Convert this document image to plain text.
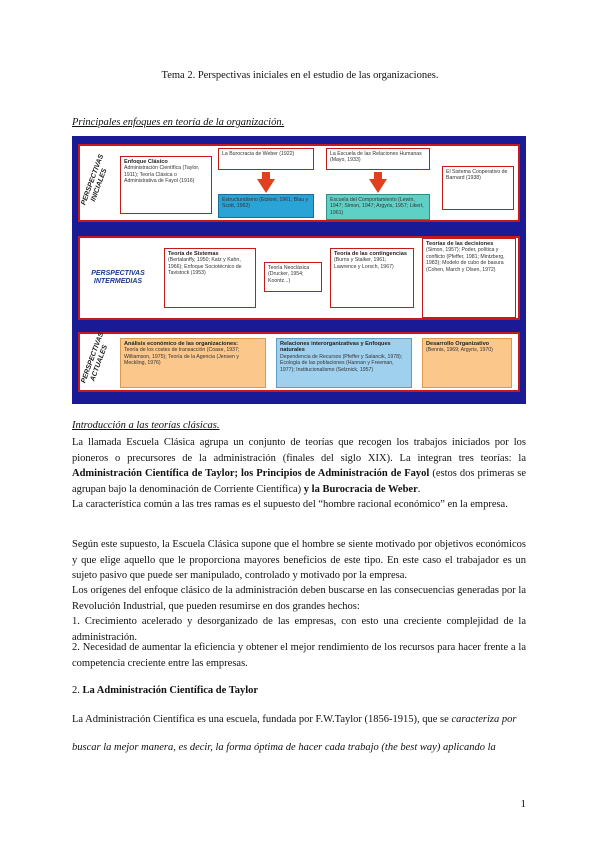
Tema 2. Perspectivas iniciales en el estudio de las organizaciones.
Principales enfoques en teoría de la organización.
PERSPECTIVAS INICIALES
Enfoque Clásico
Administración Científica (Taylor, 1911); Teoría Clásica o Administrativa de Fayol (1916)
La Burocracia de Weber (1922)
Estructuralismo (Etzioni, 1961; Blau y Scott, 1962)
La Escuela de las Relaciones Humanas (Mayo, 1933)
Escuela del Comportamiento (Lewin, 1947; Simon, 1947; Argyris, 1957; Likert, 1961)
El Sistema Cooperativo de Barnard (1938)
PERSPECTIVAS INTERMEDIAS
Teoría de Sistemas
(Bertalanffy, 1950; Katz y Kahn, 1966); Enfoque Sociotécnico de Tavistock (1953)
Teoría Neoclásica (Drucker, 1954; Koontz...)
Teoría de las contingencias
(Burns y Stalker, 1961; Lawrence y Lorsch, 1967)
Teorías de las decisiones
(Simon, 1957); Poder, política y conflicto (Pfeffer, 1981; Mintzberg, 1983); Modelo de cubo de basura (Cohen, March y Olsen, 1972)
PERSPECTIVAS ACTUALES
Análisis económico de las organizaciones:
Teoría de los costes de transacción (Coase, 1937; Williamson, 1975); Teoría de la Agencia (Jensen y Meckling, 1976)
Relaciones interorganizativas y Enfoques naturales
Dependencia de Recursos (Pfeffer y Salancik, 1978); Ecología de las poblaciones (Hannan y Freeman, 1977); Institucionalismo (Selznick, 1957)
Desarrollo Organizativo
(Bennis, 1969; Argyris, 1970)
Introducción a las teorías clásicas.
La llamada Escuela Clásica agrupa un conjunto de teorías que recogen los trabajos iniciados por los pioneros o precursores de la administración (finales del siglo XIX). La integran tres teorías: la Administración Científica de Taylor; los Principios de Administración de Fayol (estos dos primeras se agrupan bajo la denominación de Corriente Científica) y la Burocracia de Weber.
La característica común a las tres ramas es el supuesto del “hombre racional económico” en la empresa.
Según este supuesto, la Escuela Clásica supone que el hombre se siente motivado por objetivos económicos y que elige aquello que le proporciona mayores beneficios de este tipo. En este caso el trabajador es un sujeto pasivo que puede ser manipulado, controlado y motivado por la empresa.
Los orígenes del enfoque clásico de la administración deben buscarse en las consecuencias generadas por la Revolución Industrial, que pueden resumirse en dos grandes hechos:
1. Crecimiento acelerado y desorganizado de las empresas, con esto una creciente complejidad de la administración.
2. Necesidad de aumentar la eficiencia y obtener el mejor rendimiento de los recursos para hacer frente a la competencia creciente entre las empresas.
2. La Administración Científica de Taylor
La Administración Científica es una escuela, fundada por F.W.Taylor (1856-1915), que se caracteriza por
buscar la mejor manera, es decir, la forma óptima de hacer cada trabajo (the best way) aplicando la
1
